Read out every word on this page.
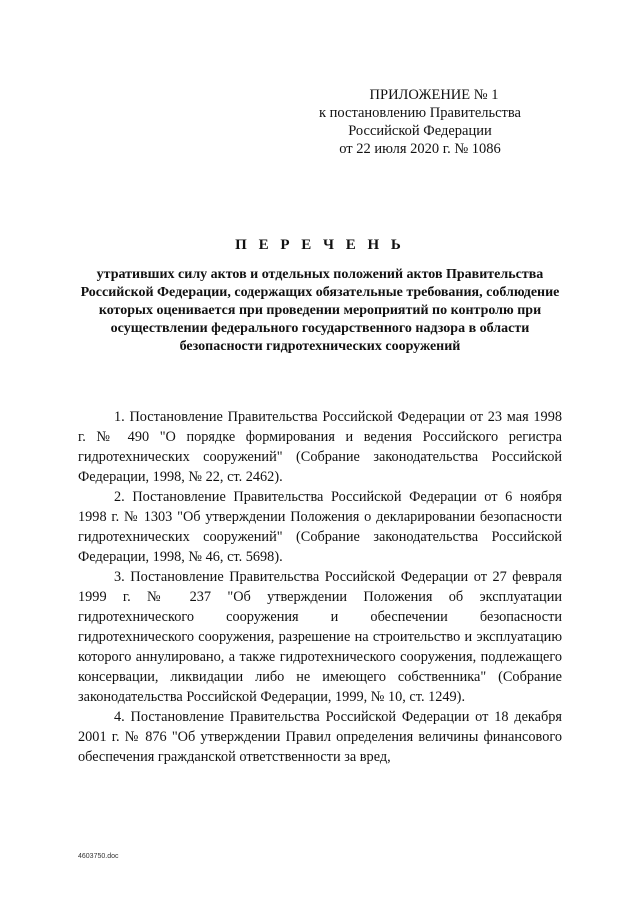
ПРИЛОЖЕНИЕ № 1
к постановлению Правительства
Российской Федерации
от 22 июля 2020 г. № 1086
П Е Р Е Ч Е Н Ь
утративших силу актов и отдельных положений актов Правительства Российской Федерации, содержащих обязательные требования, соблюдение которых оценивается при проведении мероприятий по контролю при осуществлении федерального государственного надзора в области безопасности гидротехнических сооружений

1. Постановление Правительства Российской Федерации от 23 мая 1998 г. № 490 "О порядке формирования и ведения Российского регистра гидротехнических сооружений" (Собрание законодательства Российской Федерации, 1998, № 22, ст. 2462).

2. Постановление Правительства Российской Федерации от 6 ноября 1998 г. № 1303 "Об утверждении Положения о декларировании безопасности гидротехнических сооружений" (Собрание законодательства Российской Федерации, 1998, № 46, ст. 5698).

3. Постановление Правительства Российской Федерации от 27 февраля 1999 г. № 237 "Об утверждении Положения об эксплуатации гидротехнического сооружения и обеспечении безопасности гидротехнического сооружения, разрешение на строительство и эксплуатацию которого аннулировано, а также гидротехнического сооружения, подлежащего консервации, ликвидации либо не имеющего собственника" (Собрание законодательства Российской Федерации, 1999, № 10, ст. 1249).

4. Постановление Правительства Российской Федерации от 18 декабря 2001 г. № 876 "Об утверждении Правил определения величины финансового обеспечения гражданской ответственности за вред,

4603750.doc
